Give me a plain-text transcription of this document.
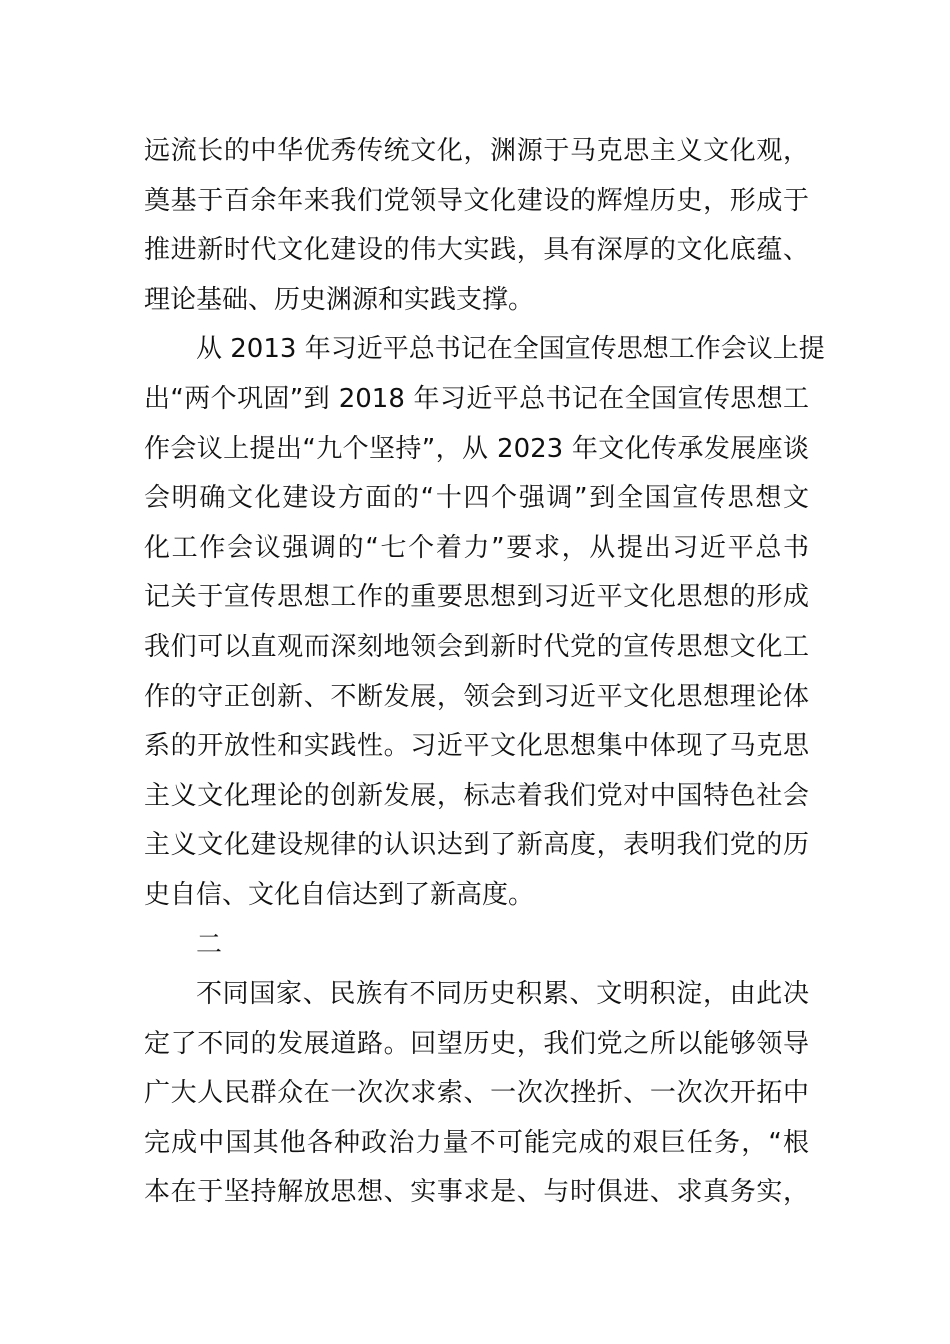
远流长的中华优秀传统文化，渊源于马克思主义文化观，
奠基于百余年来我们党领导文化建设的辉煌历史，形成于
推进新时代文化建设的伟大实践，具有深厚的文化底蕴、
理论基础、历史渊源和实践支撑。
从 2013 年习近平总书记在全国宣传思想工作会议上提
出“两个巩固”到 2018 年习近平总书记在全国宣传思想工
作会议上提出“九个坚持”，从 2023 年文化传承发展座谈
会明确文化建设方面的“十四个强调”到全国宣传思想文
化工作会议强调的“七个着力”要求，从提出习近平总书
记关于宣传思想工作的重要思想到习近平文化思想的形成
我们可以直观而深刻地领会到新时代党的宣传思想文化工
作的守正创新、不断发展，领会到习近平文化思想理论体
系的开放性和实践性。习近平文化思想集中体现了马克思
主义文化理论的创新发展，标志着我们党对中国特色社会
主义文化建设规律的认识达到了新高度，表明我们党的历
史自信、文化自信达到了新高度。
二
不同国家、民族有不同历史积累、文明积淀，由此决
定了不同的发展道路。回望历史，我们党之所以能够领导
广大人民群众在一次次求索、一次次挫折、一次次开拓中
完成中国其他各种政治力量不可能完成的艰巨任务，“根
本在于坚持解放思想、实事求是、与时俱进、求真务实，
